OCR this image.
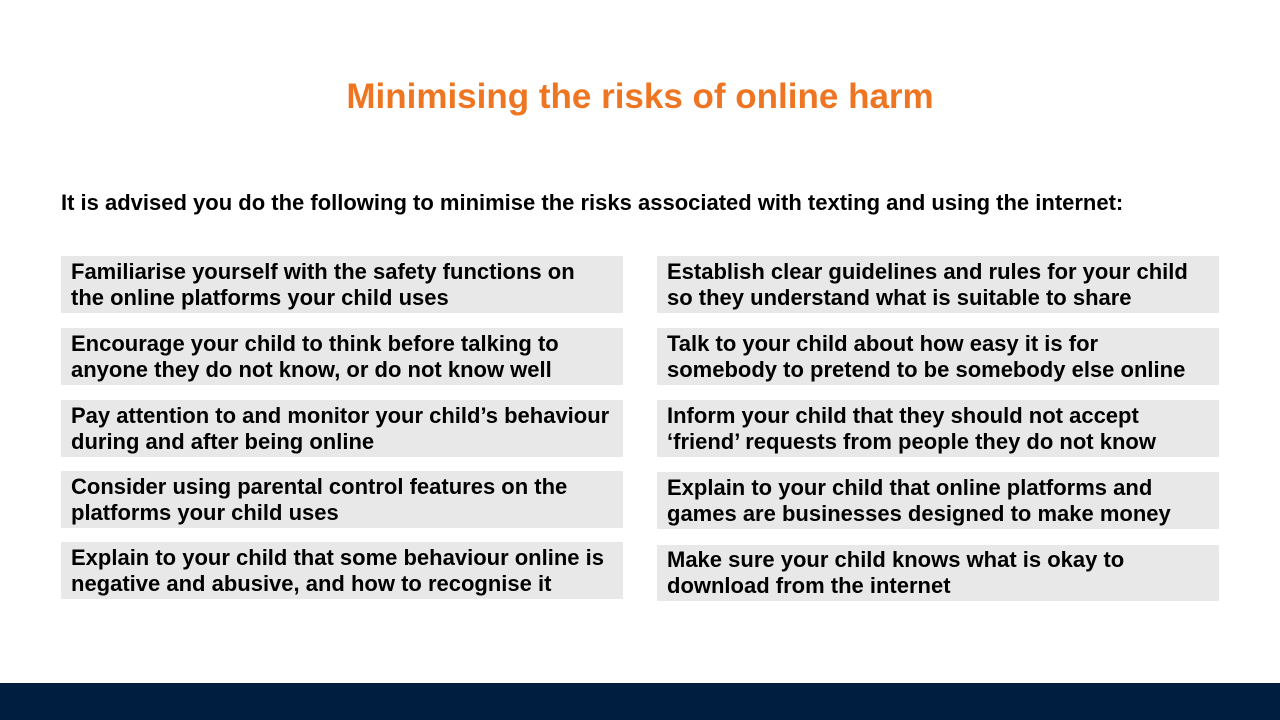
Minimising the risks of online harm

It is advised you do the following to minimise the risks associated with texting and using the internet:

Familiarise yourself with the safety functions on the online platforms your child uses
Encourage your child to think before talking to anyone they do not know, or do not know well
Pay attention to and monitor your child’s behaviour during and after being online
Consider using parental control features on the platforms your child uses
Explain to your child that some behaviour online is negative and abusive, and how to recognise it
Establish clear guidelines and rules for your child so they understand what is suitable to share
Talk to your child about how easy it is for somebody to pretend to be somebody else online
Inform your child that they should not accept ‘friend’ requests from people they do not know
Explain to your child that online platforms and games are businesses designed to make money
Make sure your child knows what is okay to download from the internet
